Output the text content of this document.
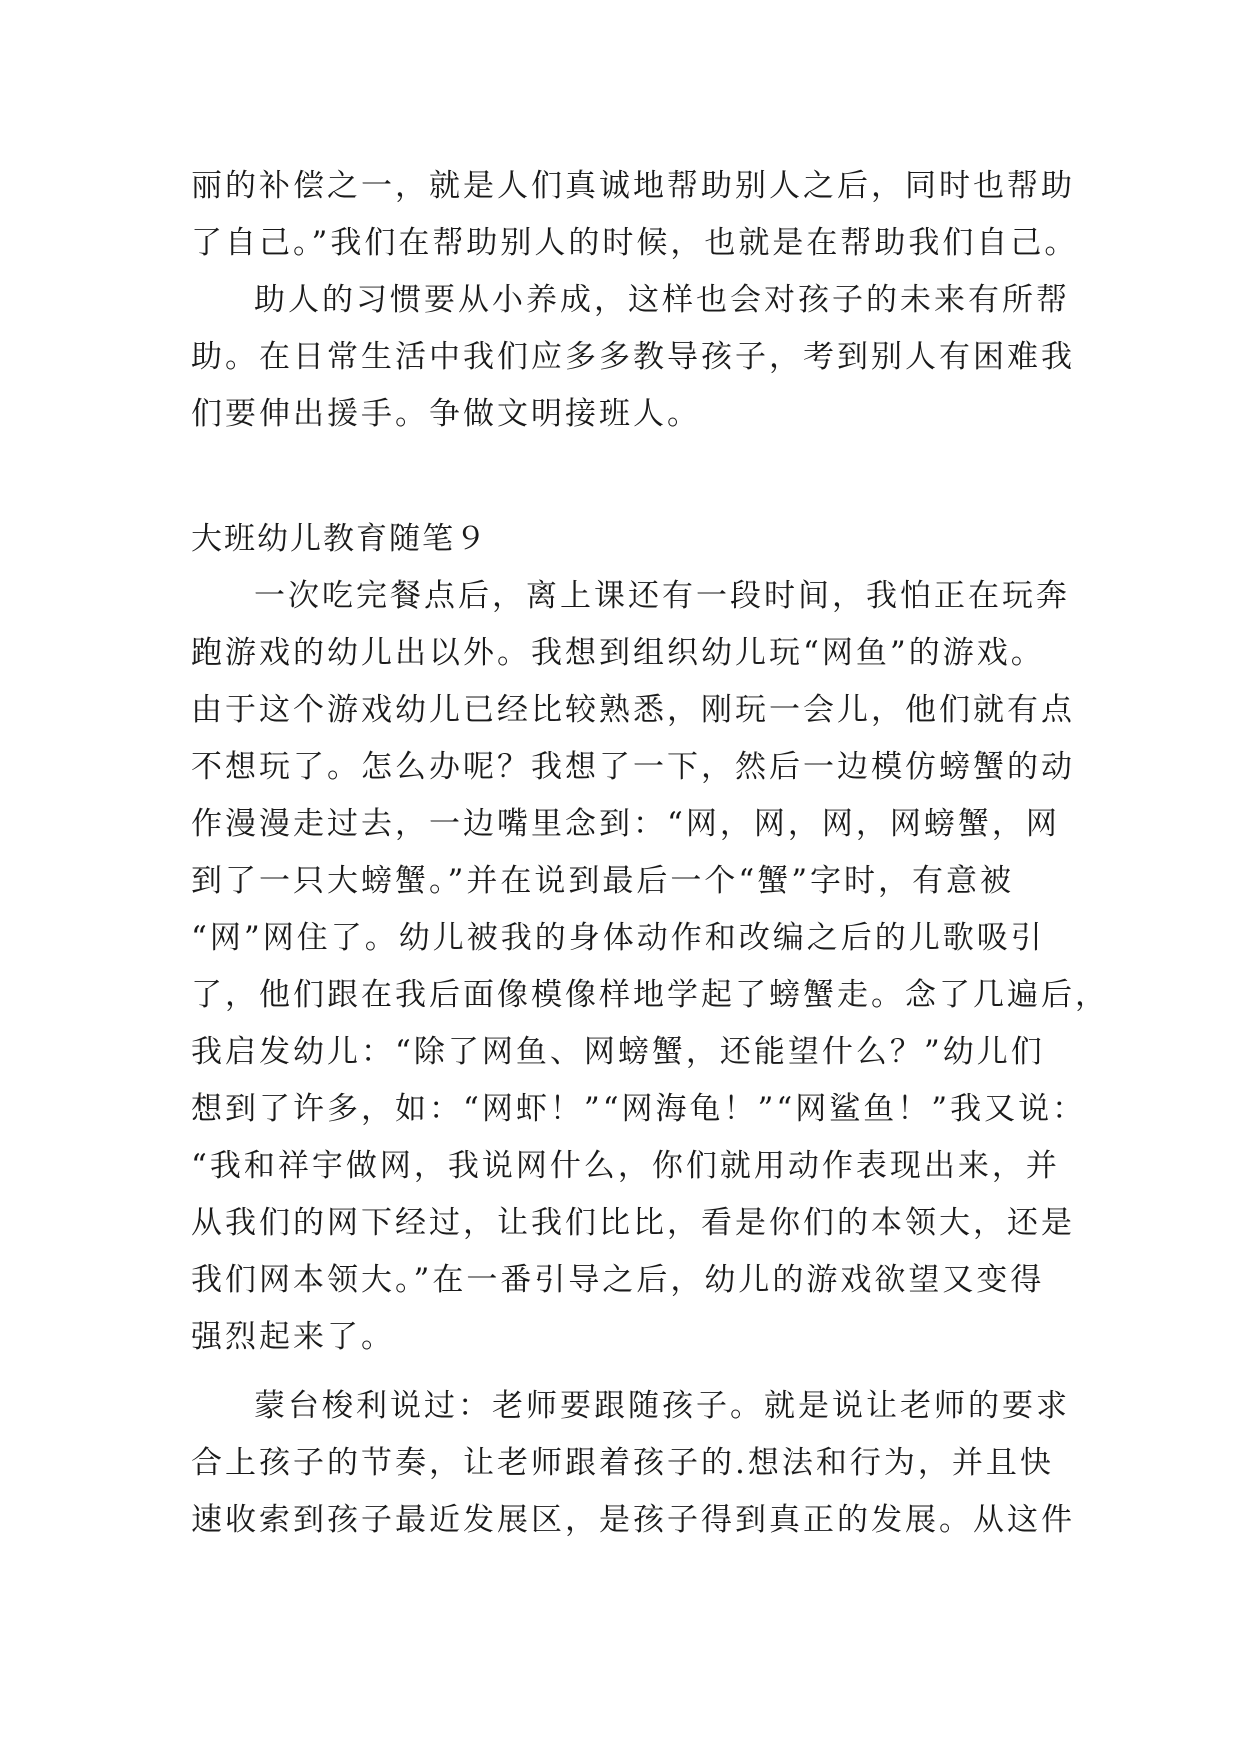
丽的补偿之一，就是人们真诚地帮助别人之后，同时也帮助
了自己。”我们在帮助别人的时候，也就是在帮助我们自己。
助人的习惯要从小养成，这样也会对孩子的未来有所帮
助。在日常生活中我们应多多教导孩子，考到别人有困难我
们要伸出援手。争做文明接班人。
大班幼儿教育随笔９
一次吃完餐点后，离上课还有一段时间，我怕正在玩奔
跑游戏的幼儿出以外。我想到组织幼儿玩“网鱼”的游戏。
由于这个游戏幼儿已经比较熟悉，刚玩一会儿，他们就有点
不想玩了。怎么办呢？我想了一下，然后一边模仿螃蟹的动
作漫漫走过去，一边嘴里念到：“网，网，网，网螃蟹，网
到了一只大螃蟹。”并在说到最后一个“蟹”字时，有意被
“网”网住了。幼儿被我的身体动作和改编之后的儿歌吸引
了，他们跟在我后面像模像样地学起了螃蟹走。念了几遍后，
我启发幼儿：“除了网鱼、网螃蟹，还能望什么？”幼儿们
想到了许多，如：“网虾！”“网海龟！”“网鲨鱼！”我又说：
“我和祥宇做网，我说网什么，你们就用动作表现出来，并
从我们的网下经过，让我们比比，看是你们的本领大，还是
我们网本领大。”在一番引导之后，幼儿的游戏欲望又变得
强烈起来了。
蒙台梭利说过：老师要跟随孩子。就是说让老师的要求
合上孩子的节奏，让老师跟着孩子的.想法和行为，并且快
速收索到孩子最近发展区，是孩子得到真正的发展。从这件
